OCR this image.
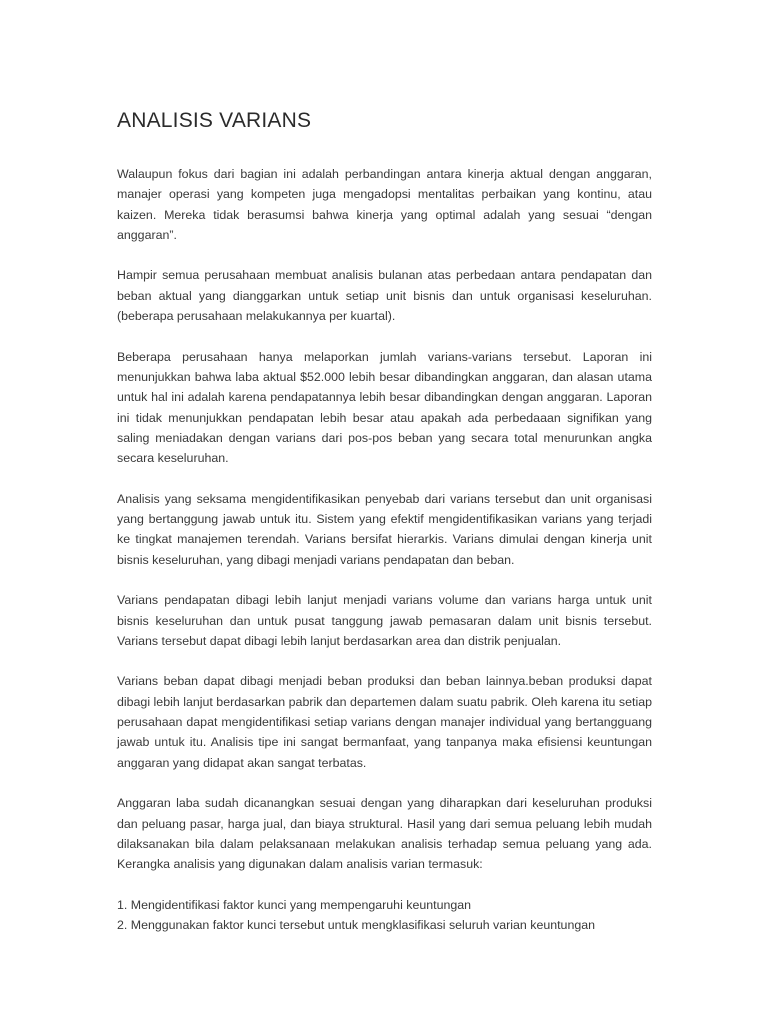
ANALISIS VARIANS

Walaupun fokus dari bagian ini adalah perbandingan antara kinerja aktual dengan anggaran, manajer operasi yang kompeten juga mengadopsi mentalitas perbaikan yang kontinu, atau kaizen. Mereka tidak berasumsi bahwa kinerja yang optimal adalah yang sesuai “dengan anggaran”.

Hampir semua perusahaan membuat analisis bulanan atas perbedaan antara pendapatan dan beban aktual yang dianggarkan untuk setiap unit bisnis dan untuk organisasi keseluruhan. (beberapa perusahaan melakukannya per kuartal).

Beberapa perusahaan hanya melaporkan jumlah varians-varians tersebut. Laporan ini menunjukkan bahwa laba aktual $52.000 lebih besar dibandingkan anggaran, dan alasan utama untuk hal ini adalah karena pendapatannya lebih besar dibandingkan dengan anggaran. Laporan ini tidak menunjukkan pendapatan lebih besar atau apakah ada perbedaaan signifikan yang saling meniadakan dengan varians dari pos-pos beban yang secara total menurunkan angka secara keseluruhan.

Analisis yang seksama mengidentifikasikan penyebab dari varians tersebut dan unit organisasi yang bertanggung jawab untuk itu. Sistem yang efektif mengidentifikasikan varians yang terjadi ke tingkat manajemen terendah. Varians bersifat hierarkis. Varians dimulai dengan kinerja unit bisnis keseluruhan, yang dibagi menjadi varians pendapatan dan beban.

Varians pendapatan dibagi lebih lanjut menjadi varians volume dan varians harga untuk unit bisnis keseluruhan dan untuk pusat tanggung jawab pemasaran dalam unit bisnis tersebut. Varians tersebut dapat dibagi lebih lanjut berdasarkan area dan distrik penjualan.

Varians beban dapat dibagi menjadi beban produksi dan beban lainnya.beban produksi dapat dibagi lebih lanjut berdasarkan pabrik dan departemen dalam suatu pabrik. Oleh karena itu setiap perusahaan dapat mengidentifikasi setiap varians dengan manajer individual yang bertangguang jawab untuk itu. Analisis tipe ini sangat bermanfaat, yang tanpanya maka efisiensi keuntungan anggaran yang didapat akan sangat terbatas.

Anggaran laba sudah dicanangkan sesuai dengan yang diharapkan dari keseluruhan produksi dan peluang pasar, harga jual, dan biaya struktural. Hasil yang dari semua peluang lebih mudah dilaksanakan bila dalam pelaksanaan melakukan analisis terhadap semua peluang yang ada. Kerangka analisis yang digunakan dalam analisis varian termasuk:

1. Mengidentifikasi faktor kunci yang mempengaruhi keuntungan
2. Menggunakan faktor kunci tersebut untuk mengklasifikasi seluruh varian keuntungan
